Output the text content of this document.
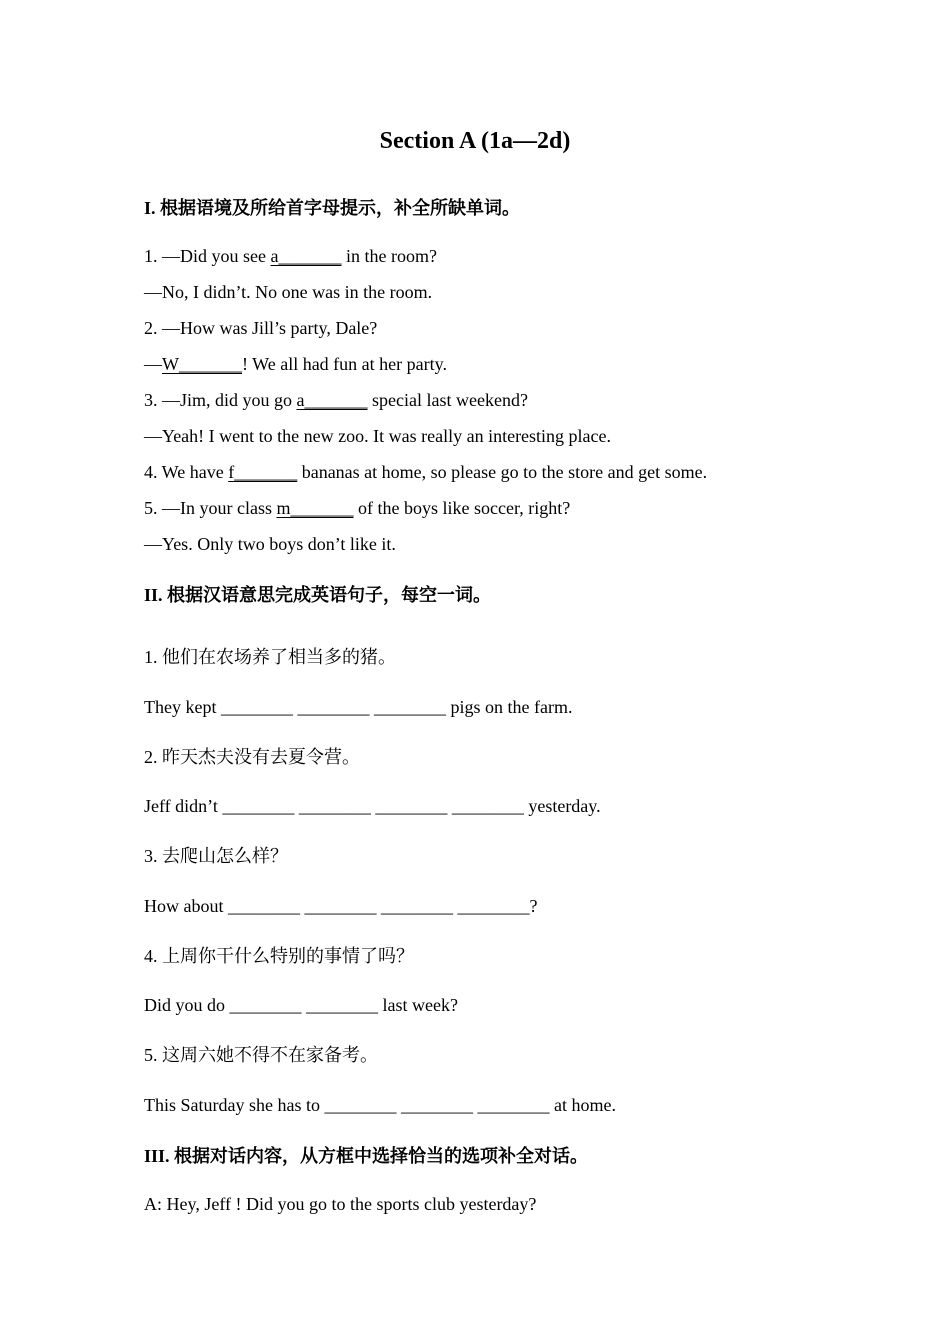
Section A (1a—2d)
I. 根据语境及所给首字母提示，补全所缺单词。
1. —Did you see a_______ in the room?
—No, I didn’t. No one was in the room.
2. —How was Jill’s party, Dale?
—W_______! We all had fun at her party.
3. —Jim, did you go a_______ special last weekend?
—Yeah! I went to the new zoo. It was really an interesting place.
4. We have f_______ bananas at home, so please go to the store and get some.
5. —In your class m_______ of the boys like soccer, right?
—Yes. Only two boys don’t like it.
II. 根据汉语意思完成英语句子，每空一词。
1. 他们在农场养了相当多的猪。
They kept ________ ________ ________ pigs on the farm.
2. 昨天杰夫没有去夏令营。
Jeff didn’t ________ ________ ________ ________ yesterday.
3. 去爬山怎么样？
How about ________ ________ ________ ________?
4. 上周你干什么特别的事情了吗？
Did you do ________ ________ last week?
5. 这周六她不得不在家备考。
This Saturday she has to ________ ________ ________ at home.
III. 根据对话内容，从方框中选择恰当的选项补全对话。
A: Hey, Jeff ! Did you go to the sports club yesterday?
